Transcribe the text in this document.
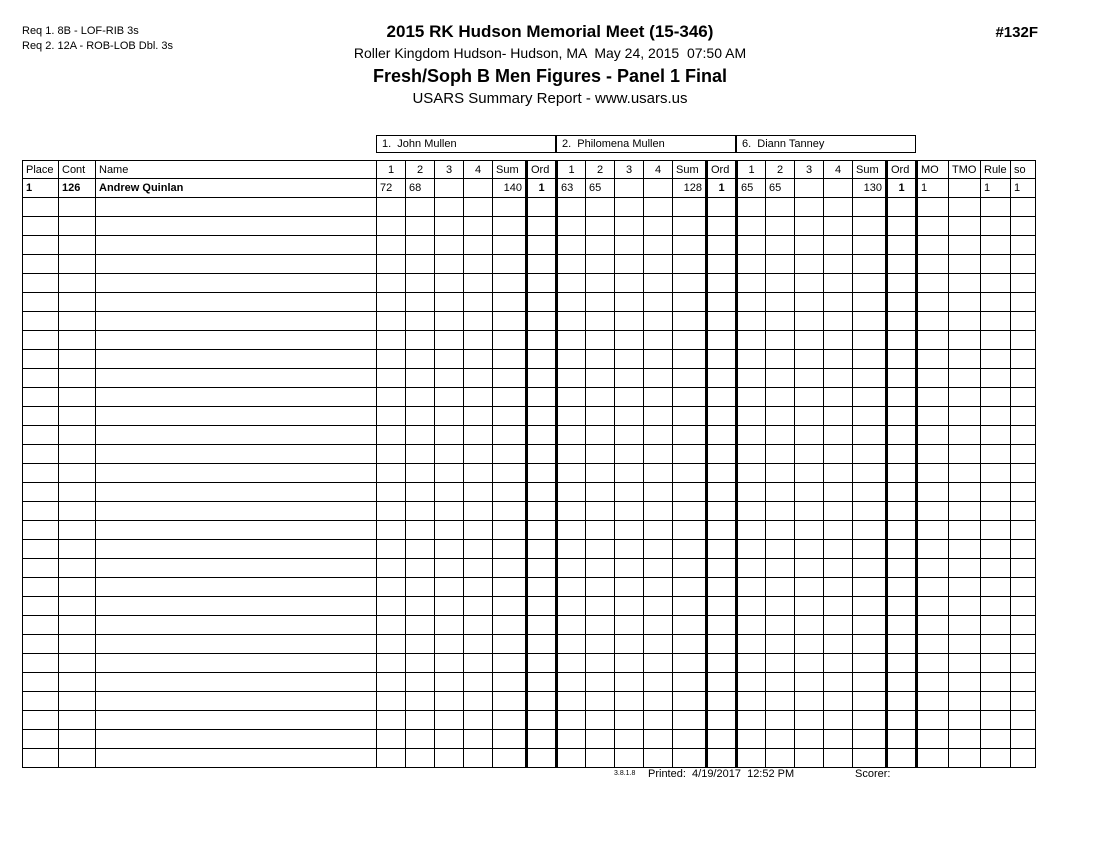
Req 1. 8B - LOF-RIB 3s
Req 2. 12A - ROB-LOB Dbl. 3s
#132F
2015 RK Hudson Memorial Meet (15-346)
Roller Kingdom Hudson- Hudson, MA  May 24, 2015  07:50 AM
Fresh/Soph B Men Figures - Panel 1 Final
USARS Summary Report - www.usars.us
1.  John Mullen	2.  Philomena Mullen	6.  Diann Tanney
Place	Cont	Name	1	2	3	4	Sum	Ord	1	2	3	4	Sum	Ord	1	2	3	4	Sum	Ord	MO	TMO	Rule	so
1	126	Andrew Quinlan	72	68			140	1	63	65			128	1	65	65			130	1	1		1	1

3.8.1.8 Printed:  4/19/2017  12:52 PM	Scorer:
